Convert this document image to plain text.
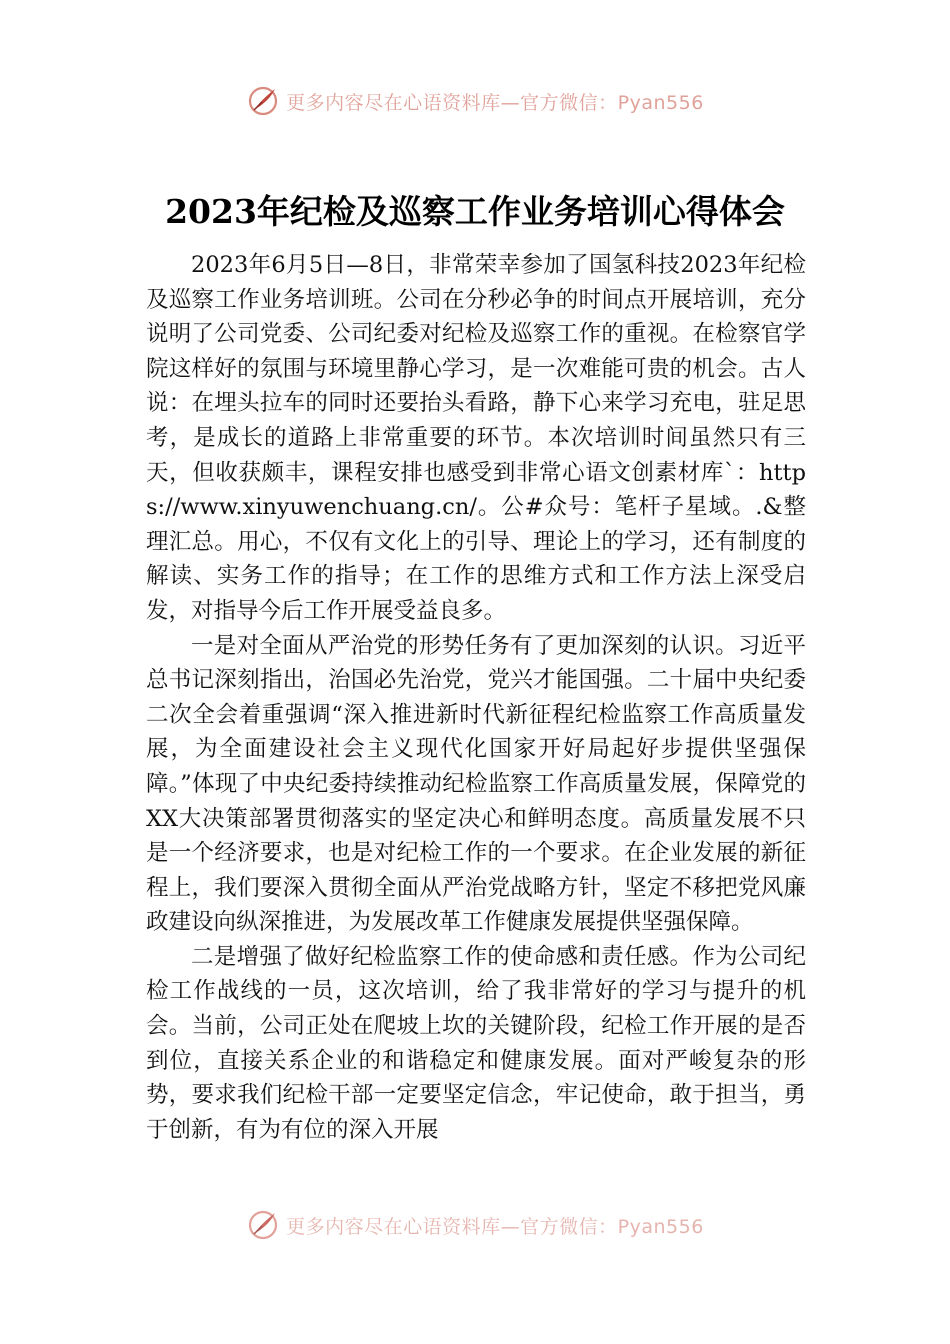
更多内容尽在心语资料库—官方微信：Pyan556
2023年纪检及巡察工作业务培训心得体会

2023年6月5日—8日，非常荣幸参加了国氢科技2023年纪检及巡察工作业务培训班。公司在分秒必争的时间点开展培训，充分说明了公司党委、公司纪委对纪检及巡察工作的重视。在检察官学院这样好的氛围与环境里静心学习，是一次难能可贵的机会。古人说：在埋头拉车的同时还要抬头看路，静下心来学习充电，驻足思考，是成长的道路上非常重要的环节。本次培训时间虽然只有三天，但收获颇丰，课程安排也感受到非常心语文创素材库`：https://www.xinyuwenchuang.cn/。公#众号：笔杆子星域。.&整理汇总。用心，不仅有文化上的引导、理论上的学习，还有制度的解读、实务工作的指导；在工作的思维方式和工作方法上深受启发，对指导今后工作开展受益良多。

一是对全面从严治党的形势任务有了更加深刻的认识。习近平总书记深刻指出，治国必先治党，党兴才能国强。二十届中央纪委二次全会着重强调“深入推进新时代新征程纪检监察工作高质量发展，为全面建设社会主义现代化国家开好局起好步提供坚强保障。”体现了中央纪委持续推动纪检监察工作高质量发展，保障党的XX大决策部署贯彻落实的坚定决心和鲜明态度。高质量发展不只是一个经济要求，也是对纪检工作的一个要求。在企业发展的新征程上，我们要深入贯彻全面从严治党战略方针，坚定不移把党风廉政建设向纵深推进，为发展改革工作健康发展提供坚强保障。

二是增强了做好纪检监察工作的使命感和责任感。作为公司纪检工作战线的一员，这次培训，给了我非常好的学习与提升的机会。当前，公司正处在爬坡上坎的关键阶段，纪检工作开展的是否到位，直接关系企业的和谐稳定和健康发展。面对严峻复杂的形势，要求我们纪检干部一定要坚定信念，牢记使命，敢于担当，勇于创新，有为有位的深入开展

更多内容尽在心语资料库—官方微信：Pyan556
